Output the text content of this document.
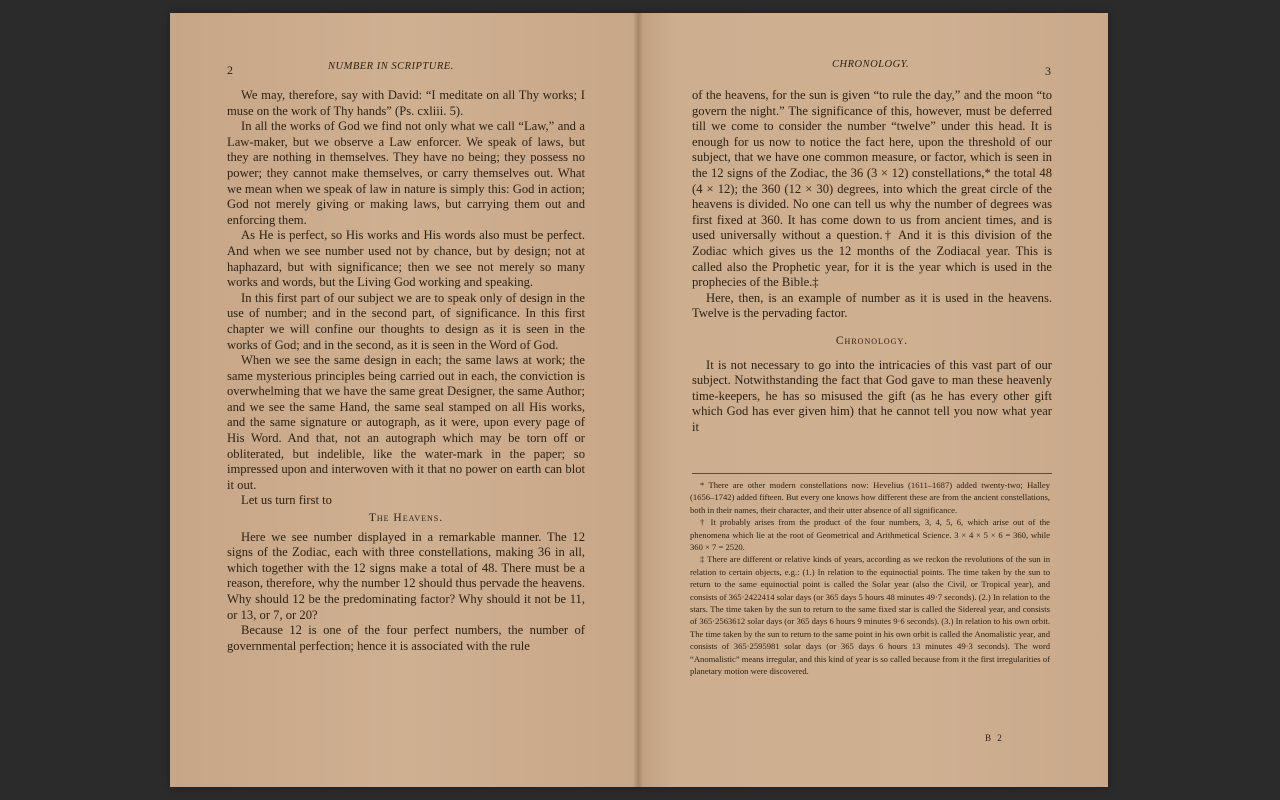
2	NUMBER IN SCRIPTURE.

We may, therefore, say with David: “I meditate on all Thy works; I muse on the work of Thy hands” (Ps. cxliii. 5).

In all the works of God we find not only what we call “Law,” and a Law-maker, but we observe a Law enforcer. We speak of laws, but they are nothing in themselves. They have no being; they possess no power; they cannot make themselves, or carry themselves out. What we mean when we speak of law in nature is simply this: God in action; God not merely giving or making laws, but carrying them out and enforcing them.

As He is perfect, so His works and His words also must be perfect. And when we see number used not by chance, but by design; not at haphazard, but with significance; then we see not merely so many works and words, but the Living God working and speaking.

In this first part of our subject we are to speak only of design in the use of number; and in the second part, of significance. In this first chapter we will confine our thoughts to design as it is seen in the works of God; and in the second, as it is seen in the Word of God.

When we see the same design in each; the same laws at work; the same mysterious principles being carried out in each, the conviction is overwhelming that we have the same great Designer, the same Author; and we see the same Hand, the same seal stamped on all His works, and the same signature or autograph, as it were, upon every page of His Word. And that, not an autograph which may be torn off or obliterated, but indelible, like the water-mark in the paper; so impressed upon and interwoven with it that no power on earth can blot it out.

Let us turn first to

The Heavens.

Here we see number displayed in a remarkable manner. The 12 signs of the Zodiac, each with three constellations, making 36 in all, which together with the 12 signs make a total of 48. There must be a reason, therefore, why the number 12 should thus pervade the heavens. Why should 12 be the predominating factor? Why should it not be 11, or 13, or 7, or 20?

Because 12 is one of the four perfect numbers, the number of governmental perfection; hence it is associated with the rule

CHRONOLOGY.	3

of the heavens, for the sun is given “to rule the day,” and the moon “to govern the night.” The significance of this, however, must be deferred till we come to consider the number “twelve” under this head. It is enough for us now to notice the fact here, upon the threshold of our subject, that we have one common measure, or factor, which is seen in the 12 signs of the Zodiac, the 36 (3 × 12) constellations,* the total 48 (4 × 12); the 360 (12 × 30) degrees, into which the great circle of the heavens is divided. No one can tell us why the number of degrees was first fixed at 360. It has come down to us from ancient times, and is used universally without a question.† And it is this division of the Zodiac which gives us the 12 months of the Zodiacal year. This is called also the Prophetic year, for it is the year which is used in the prophecies of the Bible.‡

Here, then, is an example of number as it is used in the heavens. Twelve is the pervading factor.

Chronology.

It is not necessary to go into the intricacies of this vast part of our subject. Notwithstanding the fact that God gave to man these heavenly time-keepers, he has so misused the gift (as he has every other gift which God has ever given him) that he cannot tell you now what year it

* There are other modern constellations now: Hevelius (1611–1687) added twenty-two; Halley (1656–1742) added fifteen. But every one knows how different these are from the ancient constellations, both in their names, their character, and their utter absence of all significance.

† It probably arises from the product of the four numbers, 3, 4, 5, 6, which arise out of the phenomena which lie at the root of Geometrical and Arithmetical Science. 3 × 4 × 5 × 6 = 360, while 360 × 7 = 2520.

‡ There are different or relative kinds of years, according as we reckon the revolutions of the sun in relation to certain objects, e.g.: (1.) In relation to the equinoctial points. The time taken by the sun to return to the same equinoctial point is called the Solar year (also the Civil, or Tropical year), and consists of 365·2422414 solar days (or 365 days 5 hours 48 minutes 49·7 seconds). (2.) In relation to the stars. The time taken by the sun to return to the same fixed star is called the Sidereal year, and consists of 365·2563612 solar days (or 365 days 6 hours 9 minutes 9·6 seconds). (3.) In relation to his own orbit. The time taken by the sun to return to the same point in his own orbit is called the Anomalistic year, and consists of 365·2595981 solar days (or 365 days 6 hours 13 minutes 49·3 seconds). The word “Anomalistic” means irregular, and this kind of year is so called because from it the first irregularities of planetary motion were discovered.

B 2
